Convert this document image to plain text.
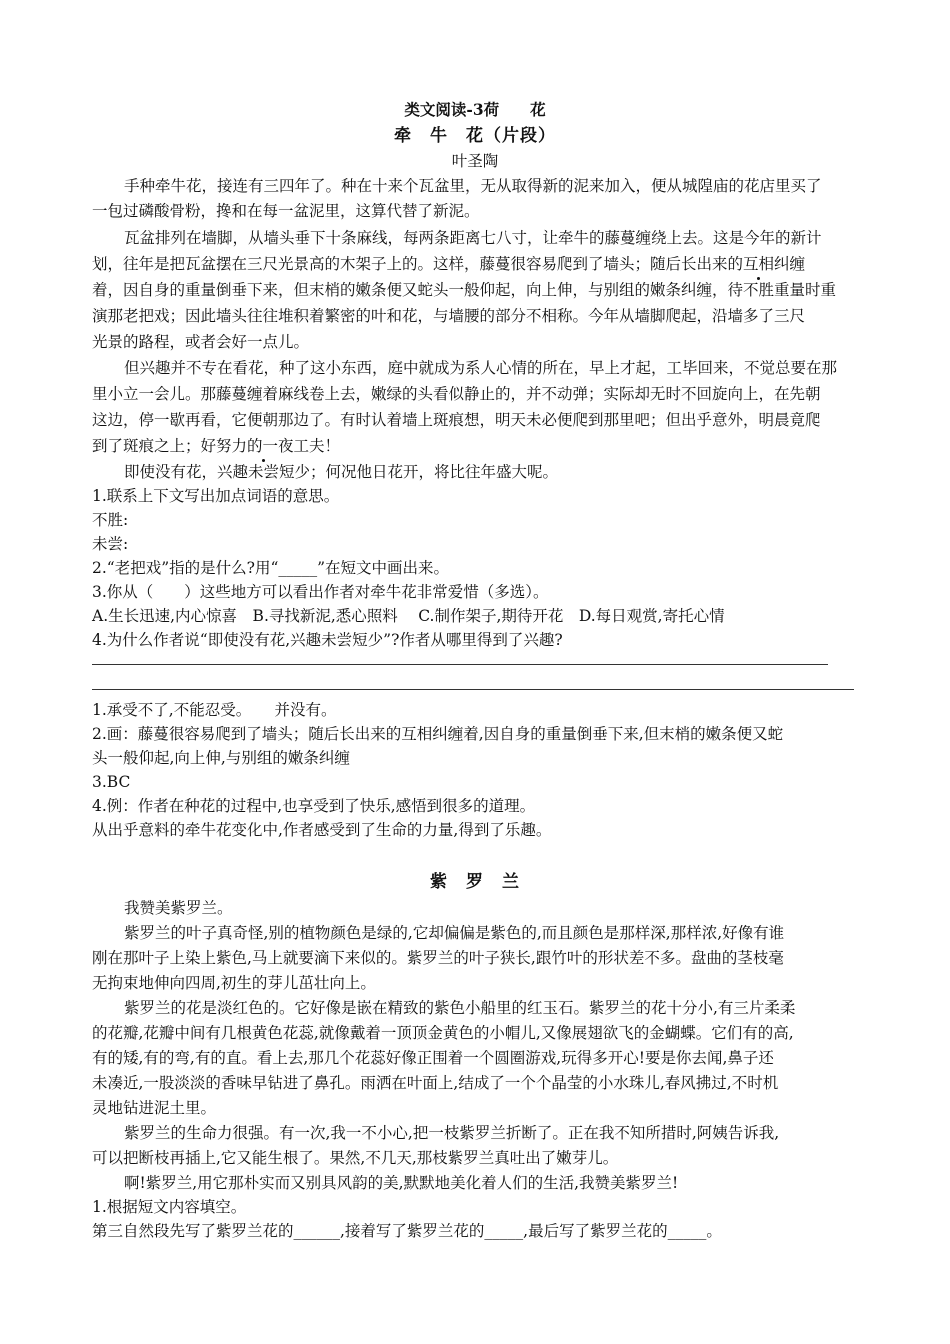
类文阅读-3荷　　花
牵　牛　花（片段）
叶圣陶
手种牵牛花，接连有三四年了。种在十来个瓦盆里，无从取得新的泥来加入，便从城隍庙的花店里买了
一包过磷酸骨粉，搀和在每一盆泥里，这算代替了新泥。
瓦盆排列在墙脚，从墙头垂下十条麻线，每两条距离七八寸，让牵牛的藤蔓缠绕上去。这是今年的新计
划，往年是把瓦盆摆在三尺光景高的木架子上的。这样，藤蔓很容易爬到了墙头；随后长出来的互相纠缠
着，因自身的重量倒垂下来，但末梢的嫩条便又蛇头一般仰起，向上伸，与别组的嫩条纠缠，待不胜重量时重
演那老把戏；因此墙头往往堆积着繁密的叶和花，与墙腰的部分不相称。今年从墙脚爬起，沿墙多了三尺
光景的路程，或者会好一点儿。
但兴趣并不专在看花，种了这小东西，庭中就成为系人心情的所在，早上才起，工毕回来，不觉总要在那
里小立一会儿。那藤蔓缠着麻线卷上去，嫩绿的头看似静止的，并不动弹；实际却无时不回旋向上，在先朝
这边，停一歇再看，它便朝那边了。有时认着墙上斑痕想，明天未必便爬到那里吧；但出乎意外，明晨竟爬
到了斑痕之上；好努力的一夜工夫！
即使没有花，兴趣未尝短少；何况他日花开，将比往年盛大呢。
1.联系上下文写出加点词语的意思。
不胜:
未尝:
2.“老把戏”指的是什么?用“_____”在短文中画出来。
3.你从（　　）这些地方可以看出作者对牵牛花非常爱惜（多选）。
A.生长迅速,内心惊喜　B.寻找新泥,悉心照料　 C.制作架子,期待开花　D.每日观赏,寄托心情
4.为什么作者说“即使没有花,兴趣未尝短少”?作者从哪里得到了兴趣?
1.承受不了,不能忍受。　　并没有。
2.画：藤蔓很容易爬到了墙头；随后长出来的互相纠缠着,因自身的重量倒垂下来,但末梢的嫩条便又蛇
头一般仰起,向上伸,与别组的嫩条纠缠
3.BC
4.例：作者在种花的过程中,也享受到了快乐,感悟到很多的道理。
从出乎意料的牵牛花变化中,作者感受到了生命的力量,得到了乐趣。
紫　罗　兰
我赞美紫罗兰。
紫罗兰的叶子真奇怪,别的植物颜色是绿的,它却偏偏是紫色的,而且颜色是那样深,那样浓,好像有谁
刚在那叶子上染上紫色,马上就要滴下来似的。紫罗兰的叶子狭长,跟竹叶的形状差不多。盘曲的茎枝毫
无拘束地伸向四周,初生的芽儿茁壮向上。
紫罗兰的花是淡红色的。它好像是嵌在精致的紫色小船里的红玉石。紫罗兰的花十分小,有三片柔柔
的花瓣,花瓣中间有几根黄色花蕊,就像戴着一顶顶金黄色的小帽儿,又像展翅欲飞的金蝴蝶。它们有的高,
有的矮,有的弯,有的直。看上去,那几个花蕊好像正围着一个圆圈游戏,玩得多开心!要是你去闻,鼻子还
未凑近,一股淡淡的香味早钻进了鼻孔。雨洒在叶面上,结成了一个个晶莹的小水珠儿,春风拂过,不时机
灵地钻进泥土里。
紫罗兰的生命力很强。有一次,我一不小心,把一枝紫罗兰折断了。正在我不知所措时,阿姨告诉我,
可以把断枝再插上,它又能生根了。果然,不几天,那枝紫罗兰真吐出了嫩芽儿。
啊!紫罗兰,用它那朴实而又别具风韵的美,默默地美化着人们的生活,我赞美紫罗兰!
1.根据短文内容填空。
第三自然段先写了紫罗兰花的______,接着写了紫罗兰花的_____,最后写了紫罗兰花的_____。
